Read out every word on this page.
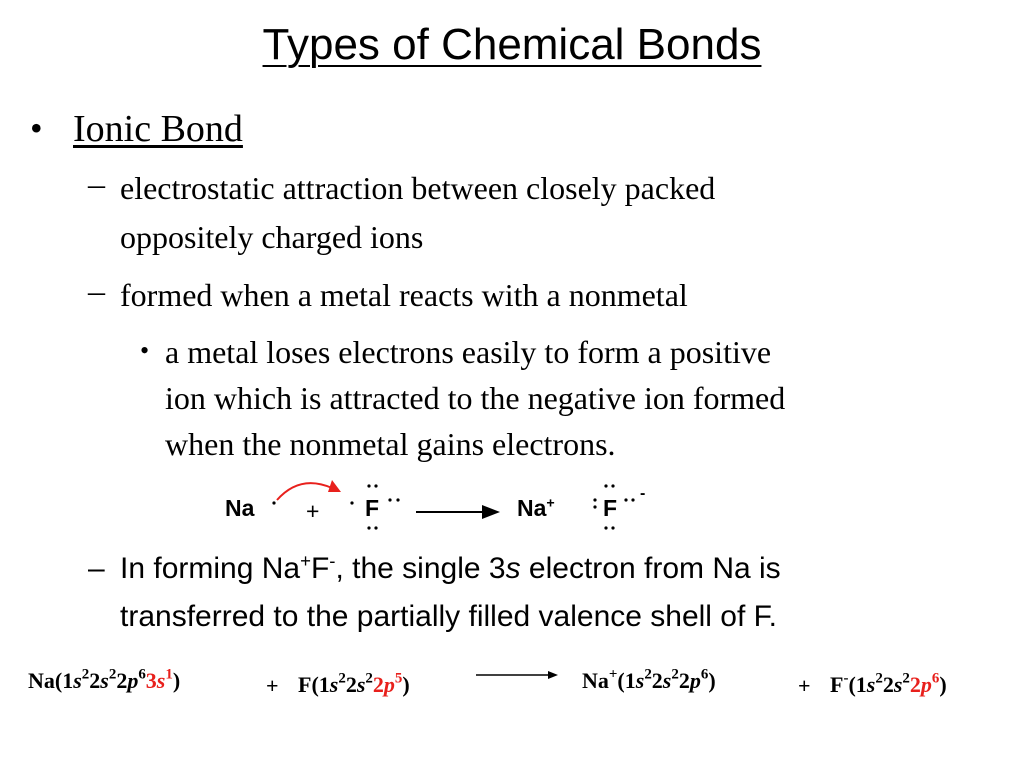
Types of Chemical Bonds
• Ionic Bond
– electrostatic attraction between closely packed
oppositely charged ions
– formed when a metal reacts with a nonmetal
• a metal loses electrons easily to form a positive
ion which is attracted to the negative ion formed
when the nonmetal gains electrons.
Na + F	Na+ F
-
– In forming Na+F-, the single 3s electron from Na is
transferred to the partially filled valence shell of F.
$Na(1s^22s^22p^63s^1)$	+ $F(1s^22s^22p^5)$	$Na^+(1s^22s^22p^6)$	+ $F^-(1s^22s^22p^6)$
